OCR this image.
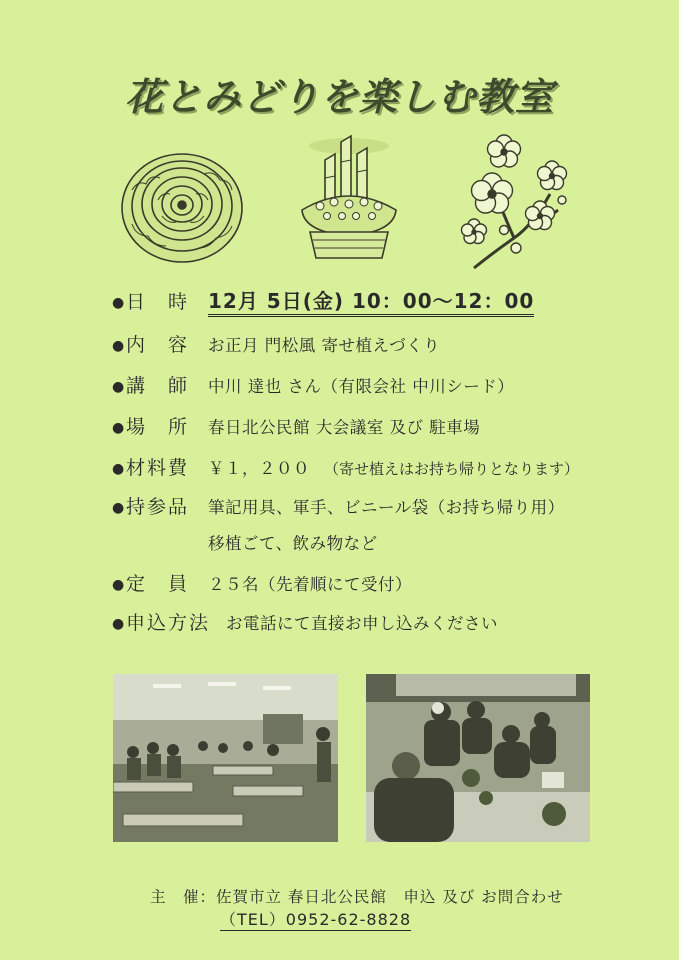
花とみどりを楽しむ教室
●日　時 12月 5日(金) 10：00～12：00
●内　容 お正月 門松風 寄せ植えづくり
●講　師 中川 達也 さん（有限会社 中川シード）
●場　所 春日北公民館 大会議室 及び 駐車場
●材料費 ￥１，２００ （寄せ植えはお持ち帰りとなります）
●持参品 筆記用具、軍手、ビニール袋（お持ち帰り用）
移植ごて、飲み物など
●定　員 ２５名（先着順にて受付）
●申込方法 お電話にて直接お申し込みください
主　催：佐賀市立 春日北公民館　申込 及び お問合わせ
（TEL）0952-62-8828
